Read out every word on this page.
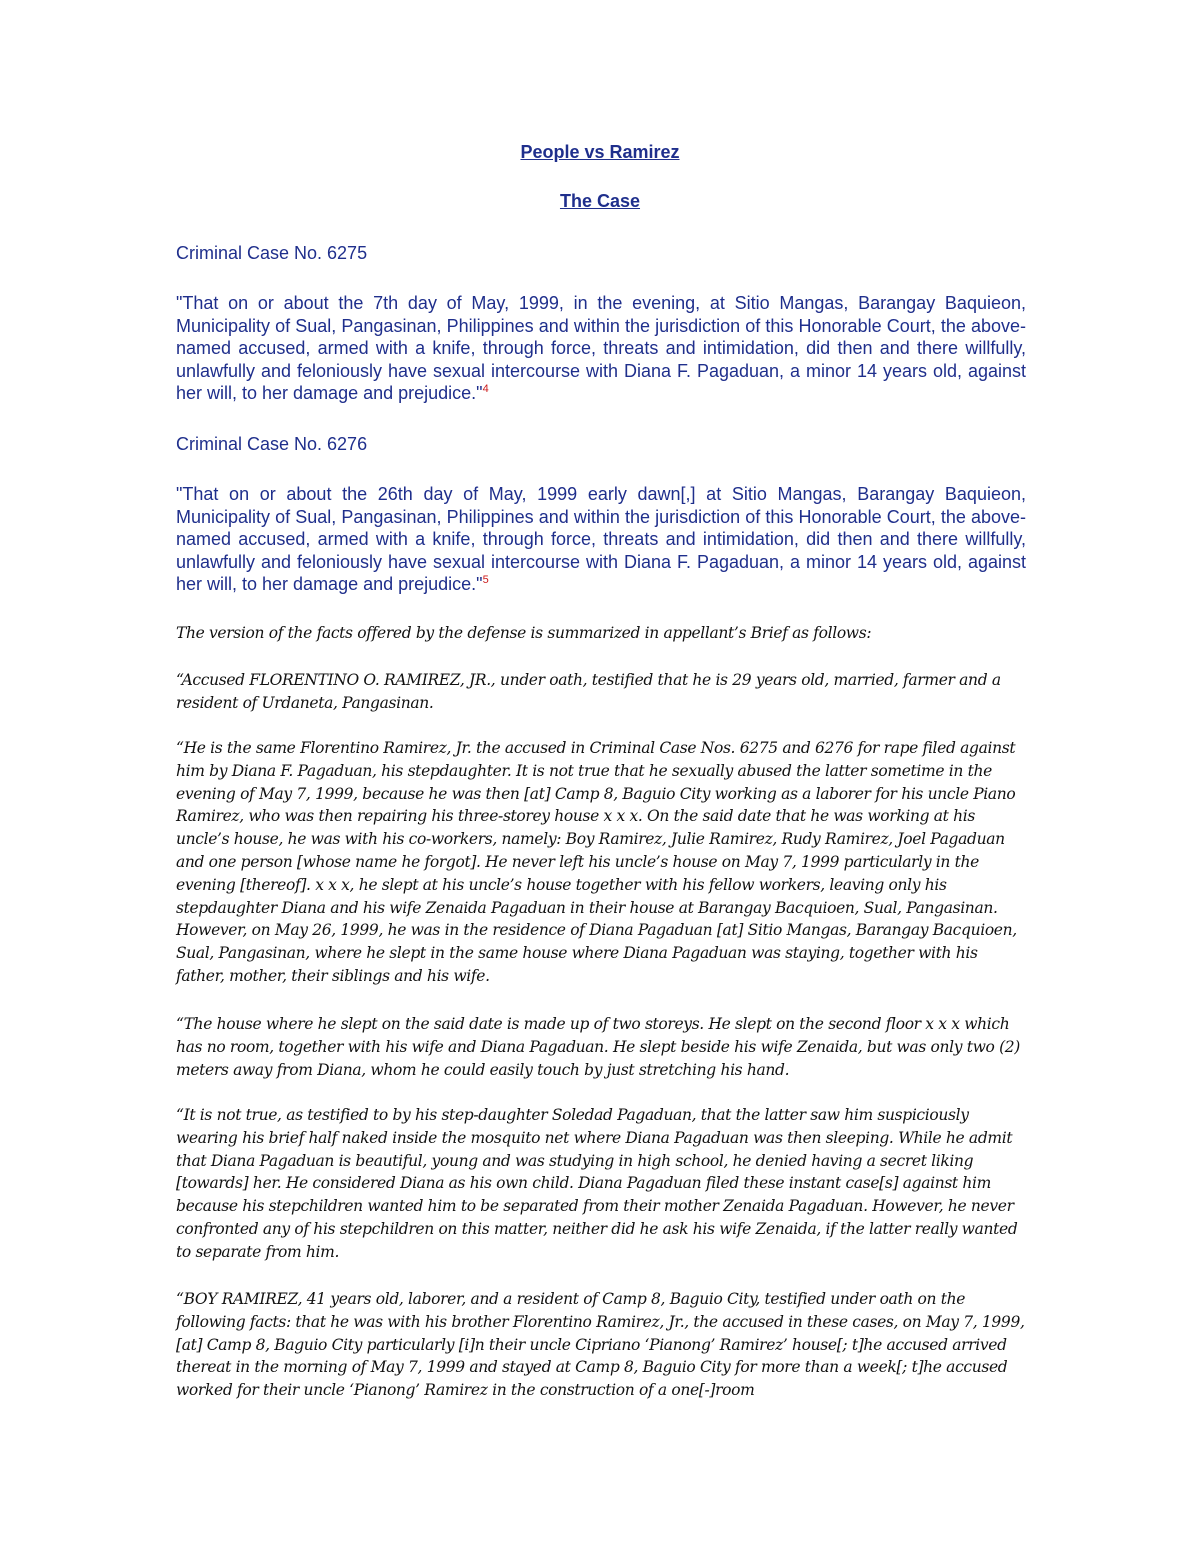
People vs Ramirez
The Case
Criminal Case No. 6275
"That on or about the 7th day of May, 1999, in the evening, at Sitio Mangas, Barangay Baquieon, Municipality of Sual, Pangasinan, Philippines and within the jurisdiction of this Honorable Court, the above-named accused, armed with a knife, through force, threats and intimidation, did then and there willfully, unlawfully and feloniously have sexual intercourse with Diana F. Pagaduan, a minor 14 years old, against her will, to her damage and prejudice."$^4$
Criminal Case No. 6276
"That on or about the 26th day of May, 1999 early dawn[,] at Sitio Mangas, Barangay Baquieon, Municipality of Sual, Pangasinan, Philippines and within the jurisdiction of this Honorable Court, the above-named accused, armed with a knife, through force, threats and intimidation, did then and there willfully, unlawfully and feloniously have sexual intercourse with Diana F. Pagaduan, a minor 14 years old, against her will, to her damage and prejudice."$^5$
The version of the facts offered by the defense is summarized in appellant’s Brief as follows:
“Accused FLORENTINO O. RAMIREZ, JR., under oath, testified that he is 29 years old, married, farmer and a resident of Urdaneta, Pangasinan.
“He is the same Florentino Ramirez, Jr. the accused in Criminal Case Nos. 6275 and 6276 for rape filed against him by Diana F. Pagaduan, his stepdaughter. It is not true that he sexually abused the latter sometime in the evening of May 7, 1999, because he was then [at] Camp 8, Baguio City working as a laborer for his uncle Piano Ramirez, who was then repairing his three-storey house x x x. On the said date that he was working at his uncle’s house, he was with his co-workers, namely: Boy Ramirez, Julie Ramirez, Rudy Ramirez, Joel Pagaduan and one person [whose name he forgot]. He never left his uncle’s house on May 7, 1999 particularly in the evening [thereof]. x x x, he slept at his uncle’s house together with his fellow workers, leaving only his stepdaughter Diana and his wife Zenaida Pagaduan in their house at Barangay Bacquioen, Sual, Pangasinan. However, on May 26, 1999, he was in the residence of Diana Pagaduan [at] Sitio Mangas, Barangay Bacquioen, Sual, Pangasinan, where he slept in the same house where Diana Pagaduan was staying, together with his father, mother, their siblings and his wife.
“The house where he slept on the said date is made up of two storeys. He slept on the second floor x x x which has no room, together with his wife and Diana Pagaduan. He slept beside his wife Zenaida, but was only two (2) meters away from Diana, whom he could easily touch by just stretching his hand.
“It is not true, as testified to by his step-daughter Soledad Pagaduan, that the latter saw him suspiciously wearing his brief half naked inside the mosquito net where Diana Pagaduan was then sleeping. While he admit that Diana Pagaduan is beautiful, young and was studying in high school, he denied having a secret liking [towards] her. He considered Diana as his own child. Diana Pagaduan filed these instant case[s] against him because his stepchildren wanted him to be separated from their mother Zenaida Pagaduan. However, he never confronted any of his stepchildren on this matter, neither did he ask his wife Zenaida, if the latter really wanted to separate from him.
“BOY RAMIREZ, 41 years old, laborer, and a resident of Camp 8, Baguio City, testified under oath on the following facts: that he was with his brother Florentino Ramirez, Jr., the accused in these cases, on May 7, 1999, [at] Camp 8, Baguio City particularly [i]n their uncle Cipriano ‘Pianong’ Ramirez’ house[; t]he accused arrived thereat in the morning of May 7, 1999 and stayed at Camp 8, Baguio City for more than a week[; t]he accused worked for their uncle ‘Pianong’ Ramirez in the construction of a one[-]room
